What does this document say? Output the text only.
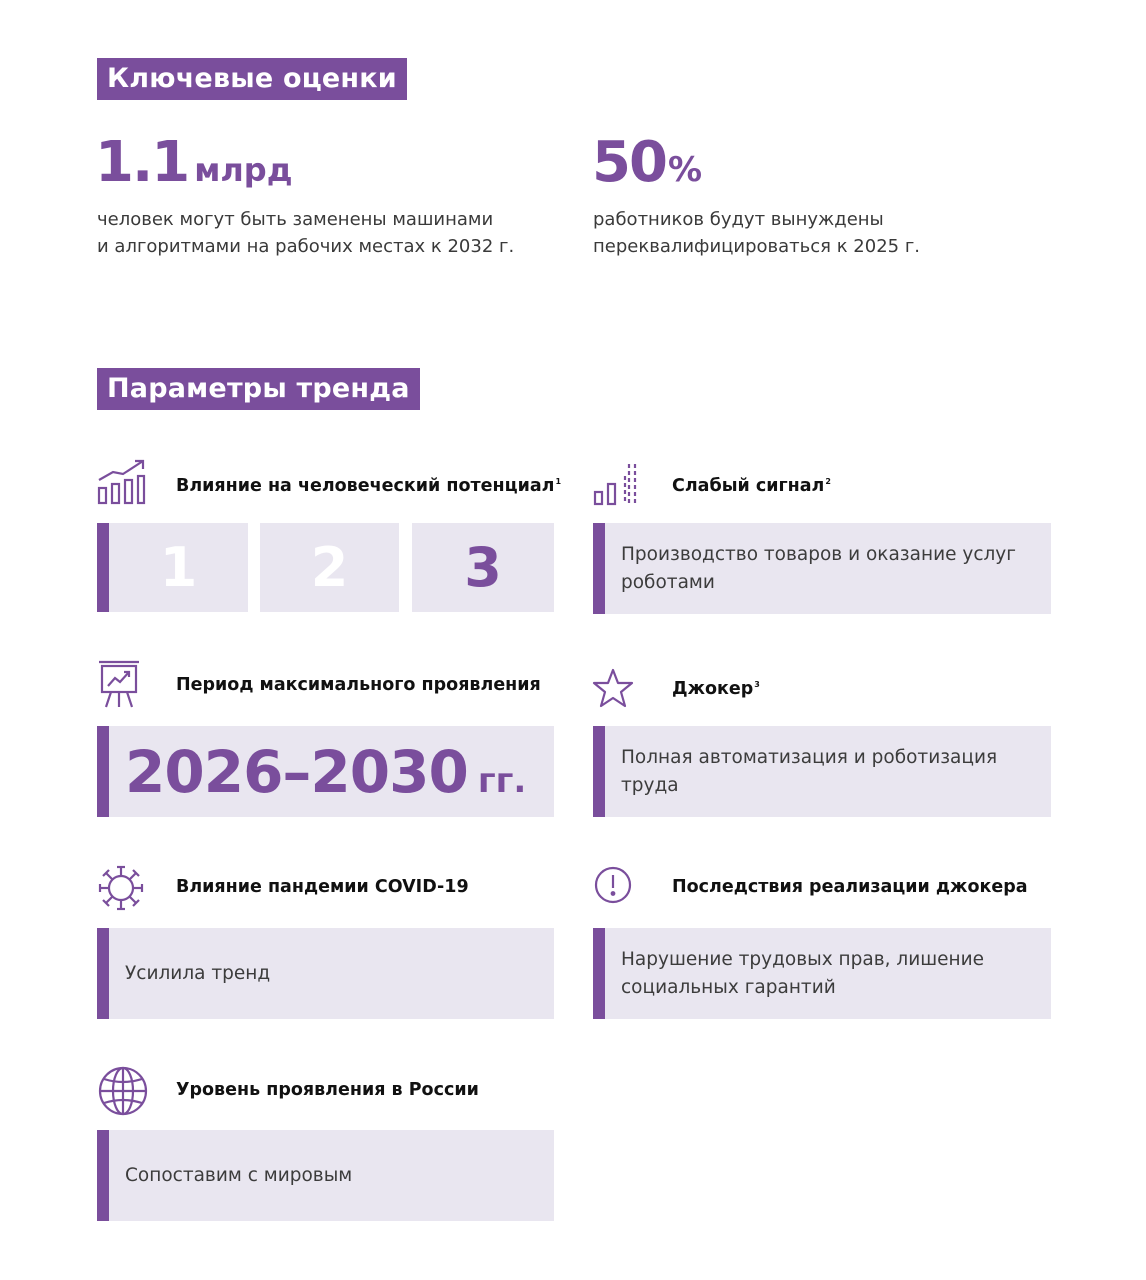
Ключевые оценки
1.1 млрд
человек могут быть заменены машинами
и алгоритмами на рабочих местах к 2032 г.
50%
работников будут вынуждены
переквалифицироваться к 2025 г.
Параметры тренда
Влияние на человеческий потенциал$^1$
1	2	3
Слабый сигнал$^2$
Производство товаров и оказание услуг роботами
Период максимального проявления
2026–2030 гг.
Джокер$^3$
Полная автоматизация и роботизация труда
Влияние пандемии COVID-19
Усилила тренд
Последствия реализации джокера
Нарушение трудовых прав, лишение социальных гарантий
Уровень проявления в России
Сопоставим с мировым
